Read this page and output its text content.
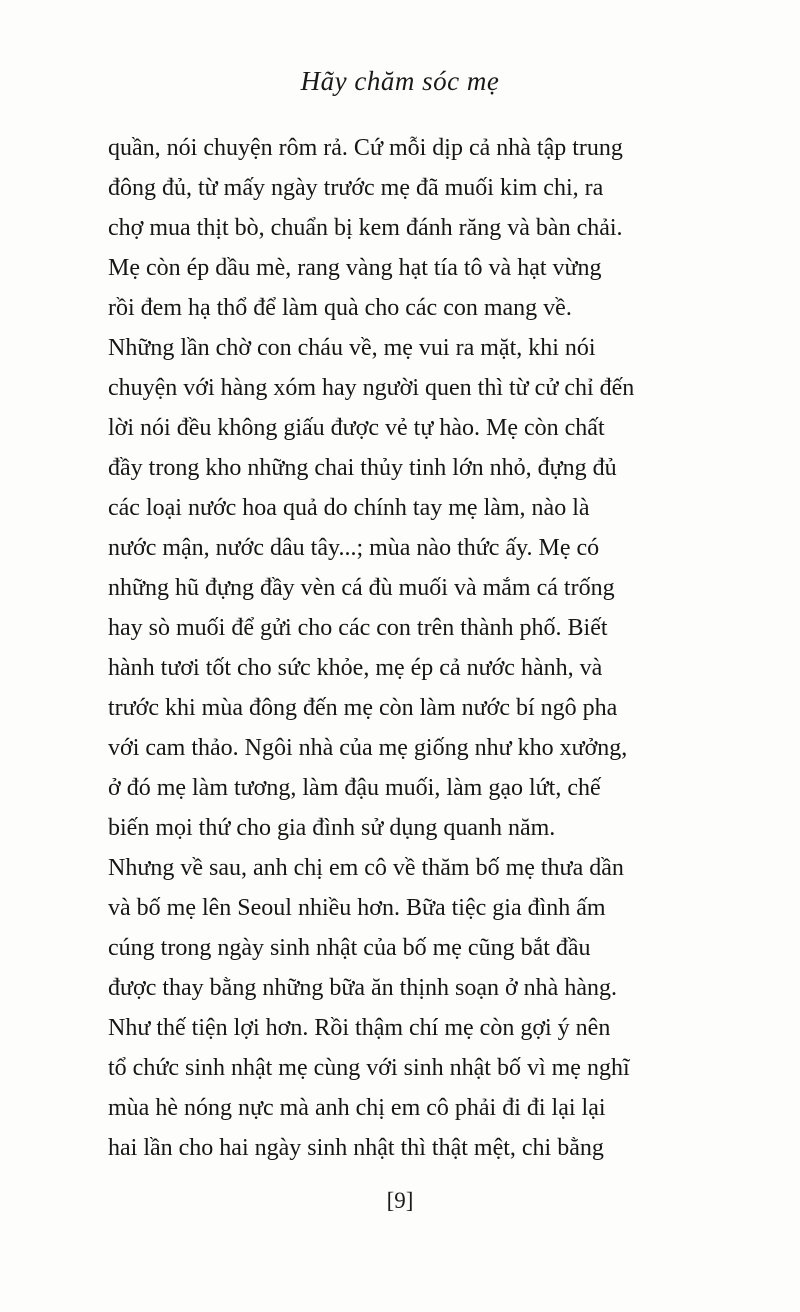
Hãy chăm sóc mẹ
quần, nói chuyện rôm rả. Cứ mỗi dịp cả nhà tập trung
đông đủ, từ mấy ngày trước mẹ đã muối kim chi, ra
chợ mua thịt bò, chuẩn bị kem đánh răng và bàn chải.
Mẹ còn ép dầu mè, rang vàng hạt tía tô và hạt vừng
rồi đem hạ thổ để làm quà cho các con mang về.
Những lần chờ con cháu về, mẹ vui ra mặt, khi nói
chuyện với hàng xóm hay người quen thì từ cử chỉ đến
lời nói đều không giấu được vẻ tự hào. Mẹ còn chất
đầy trong kho những chai thủy tinh lớn nhỏ, đựng đủ
các loại nước hoa quả do chính tay mẹ làm, nào là
nước mận, nước dâu tây...; mùa nào thức ấy. Mẹ có
những hũ đựng đầy vèn cá đù muối và mắm cá trống
hay sò muối để gửi cho các con trên thành phố. Biết
hành tươi tốt cho sức khỏe, mẹ ép cả nước hành, và
trước khi mùa đông đến mẹ còn làm nước bí ngô pha
với cam thảo. Ngôi nhà của mẹ giống như kho xưởng,
ở đó mẹ làm tương, làm đậu muối, làm gạo lứt, chế
biến mọi thứ cho gia đình sử dụng quanh năm.
Nhưng về sau, anh chị em cô về thăm bố mẹ thưa dần
và bố mẹ lên Seoul nhiều hơn. Bữa tiệc gia đình ấm
cúng trong ngày sinh nhật của bố mẹ cũng bắt đầu
được thay bằng những bữa ăn thịnh soạn ở nhà hàng.
Như thế tiện lợi hơn. Rồi thậm chí mẹ còn gợi ý nên
tổ chức sinh nhật mẹ cùng với sinh nhật bố vì mẹ nghĩ
mùa hè nóng nực mà anh chị em cô phải đi đi lại lại
hai lần cho hai ngày sinh nhật thì thật mệt, chi bằng
[9]
